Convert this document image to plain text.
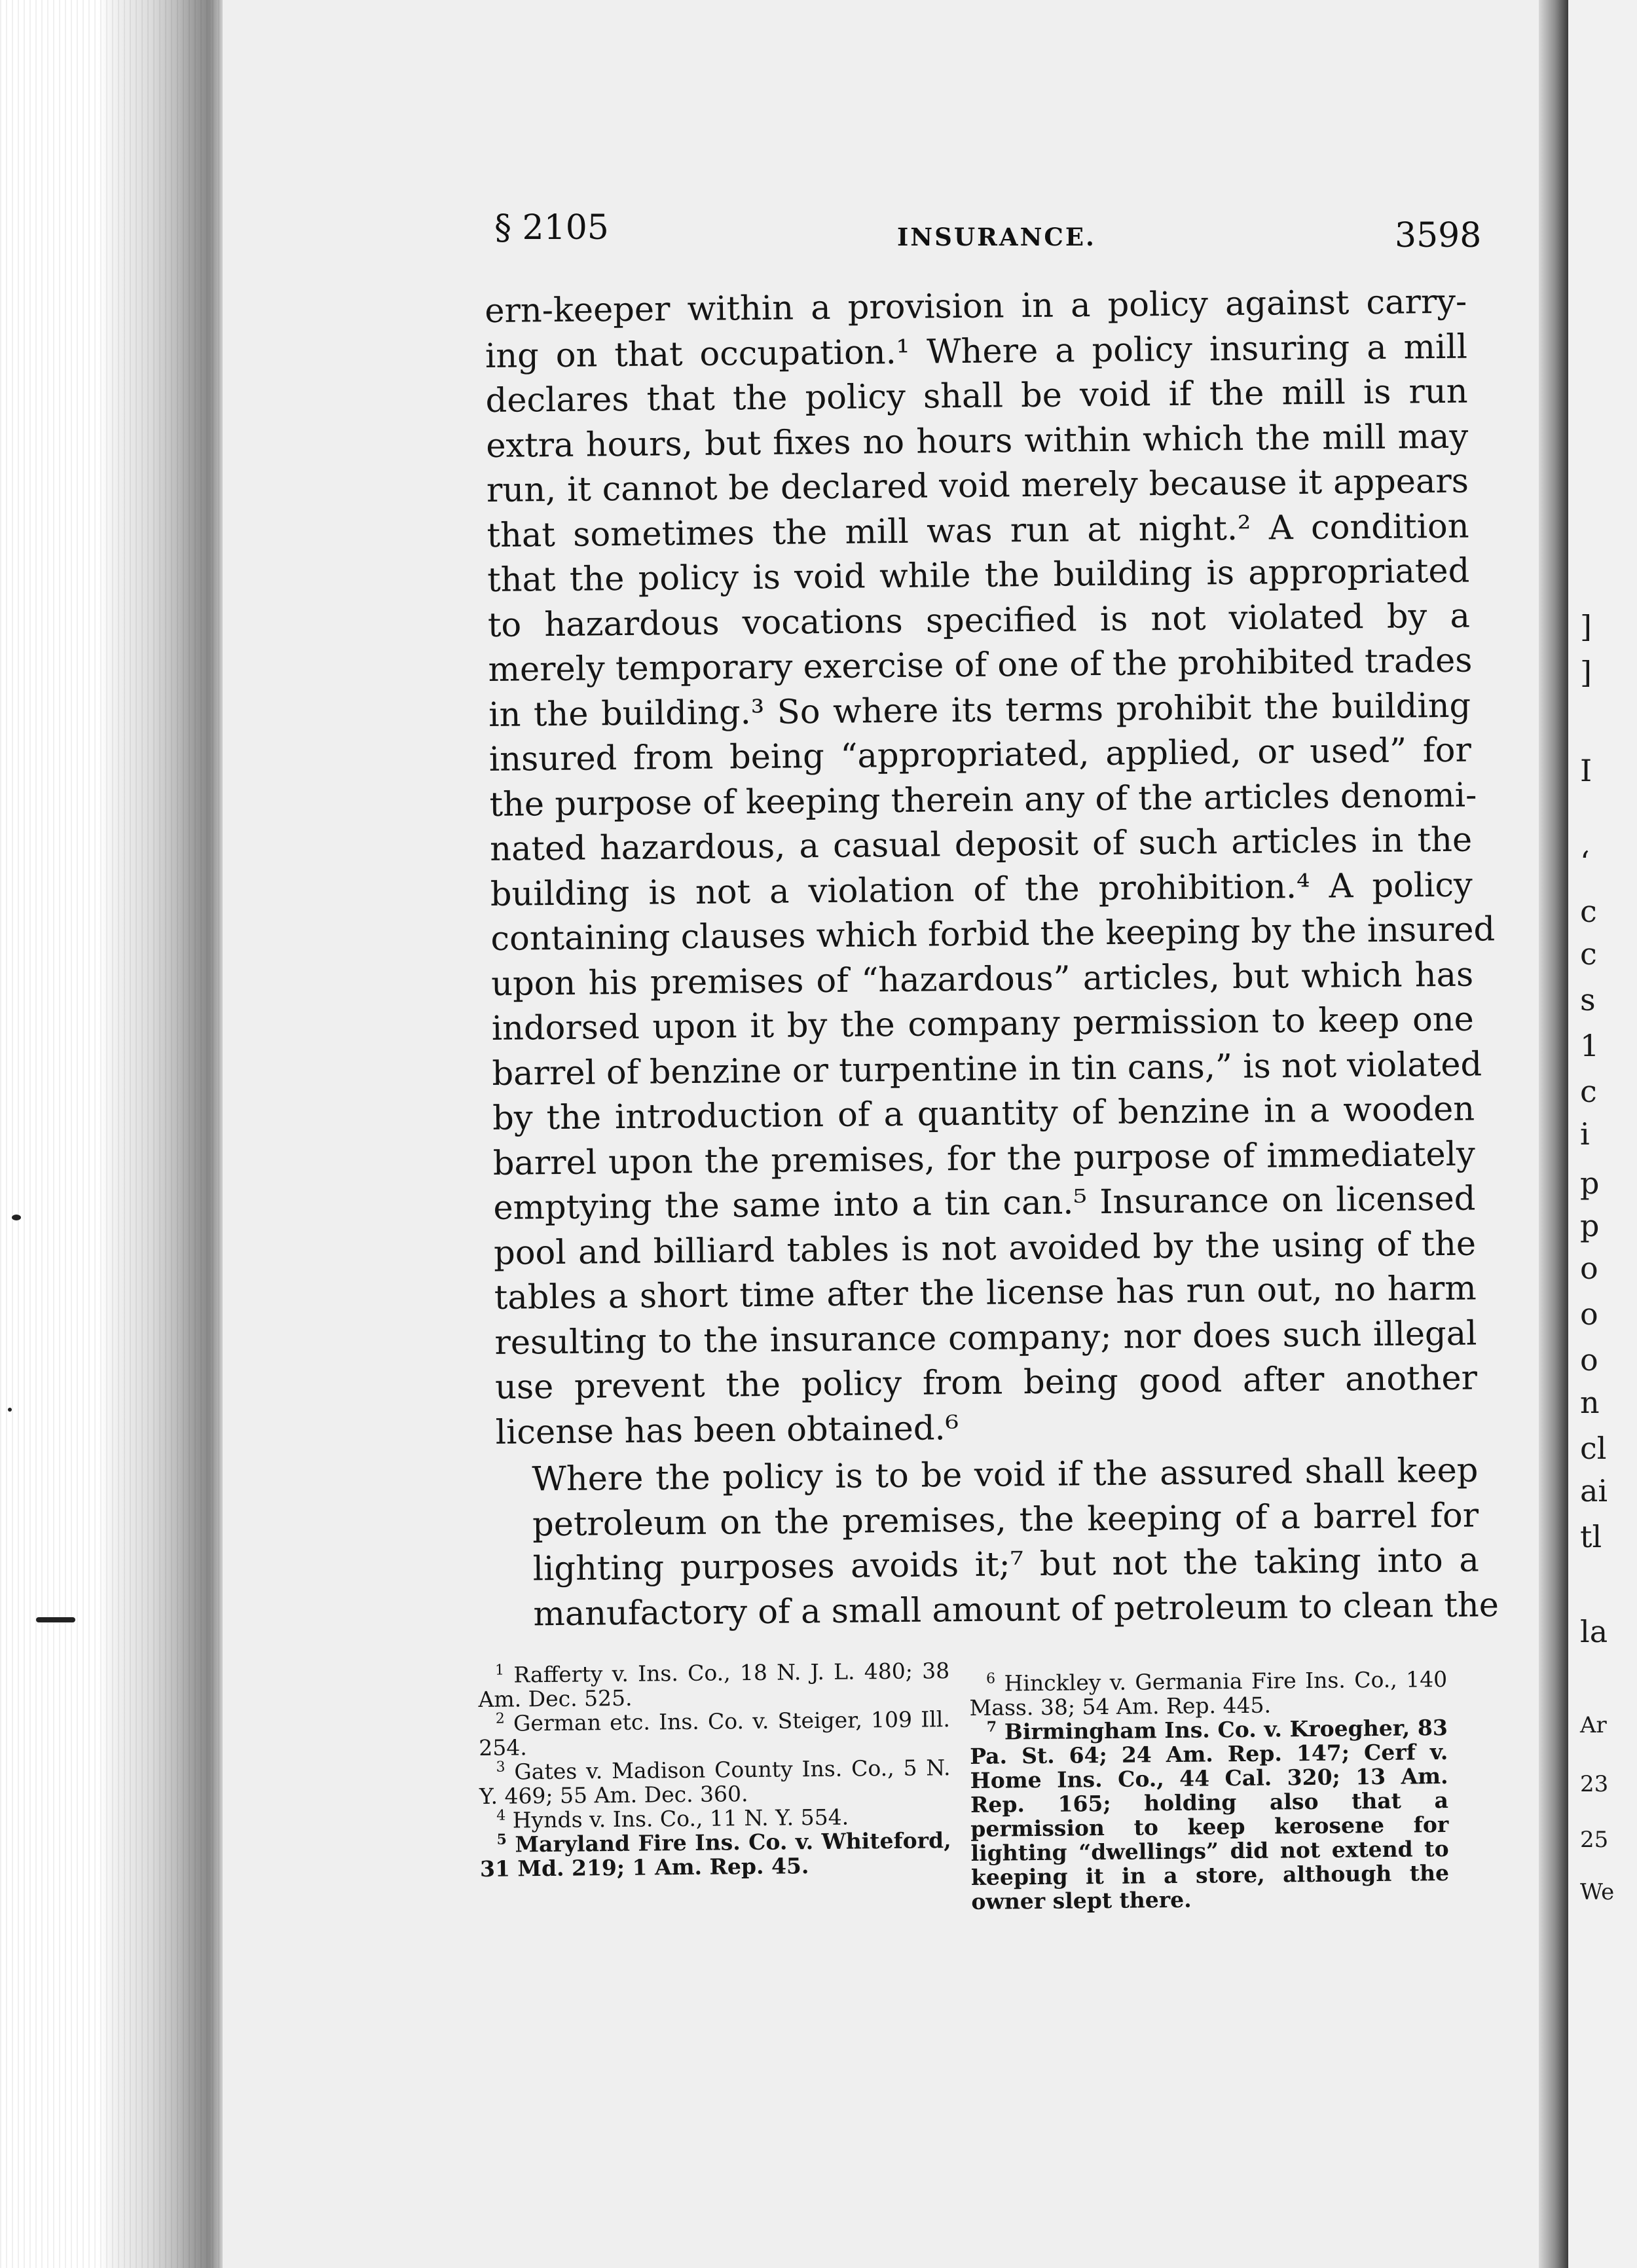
]
]
I
‘
c
c
s
1
c
i
p
p
o
o
o
n
cl
ai
tl
la
Ar
23
25
We
§ 2105	INSURANCE.	3598

ern-keeper within a provision in a policy against carry-
ing on that occupation.¹ Where a policy insuring a mill
declares that the policy shall be void if the mill is run
extra hours, but fixes no hours within which the mill may
run, it cannot be declared void merely because it appears
that sometimes the mill was run at night.² A condition
that the policy is void while the building is appropriated
to hazardous vocations specified is not violated by a
merely temporary exercise of one of the prohibited trades
in the building.³ So where its terms prohibit the building
insured from being “appropriated, applied, or used” for
the purpose of keeping therein any of the articles denomi-
nated hazardous, a casual deposit of such articles in the
building is not a violation of the prohibition.⁴ A policy
containing clauses which forbid the keeping by the insured
upon his premises of “hazardous” articles, but which has
indorsed upon it by the company permission to keep one
barrel of benzine or turpentine in tin cans,” is not violated
by the introduction of a quantity of benzine in a wooden
barrel upon the premises, for the purpose of immediately
emptying the same into a tin can.⁵ Insurance on licensed
pool and billiard tables is not avoided by the using of the
tables a short time after the license has run out, no harm
resulting to the insurance company; nor does such illegal
use prevent the policy from being good after another
license has been obtained.⁶

Where the policy is to be void if the assured shall keep
petroleum on the premises, the keeping of a barrel for
lighting purposes avoids it;⁷ but not the taking into a
manufactory of a small amount of petroleum to clean the

$^1$ Rafferty v. Ins. Co., 18 N. J. L. 480; 38 Am. Dec. 525.

$^2$ German etc. Ins. Co. v. Steiger, 109 Ill. 254.

$^3$ Gates v. Madison County Ins. Co., 5 N. Y. 469; 55 Am. Dec. 360.

$^4$ Hynds v. Ins. Co., 11 N. Y. 554.

$^5$ Maryland Fire Ins. Co. v. Whiteford, 31 Md. 219; 1 Am. Rep. 45.

$^6$ Hinckley v. Germania Fire Ins. Co., 140 Mass. 38; 54 Am. Rep. 445.

$^7$ Birmingham Ins. Co. v. Kroegher, 83 Pa. St. 64; 24 Am. Rep. 147; Cerf v. Home Ins. Co., 44 Cal. 320; 13 Am. Rep. 165; holding also that a permission to keep kerosene for lighting “dwellings” did not extend to keeping it in a store, although the owner slept there.
